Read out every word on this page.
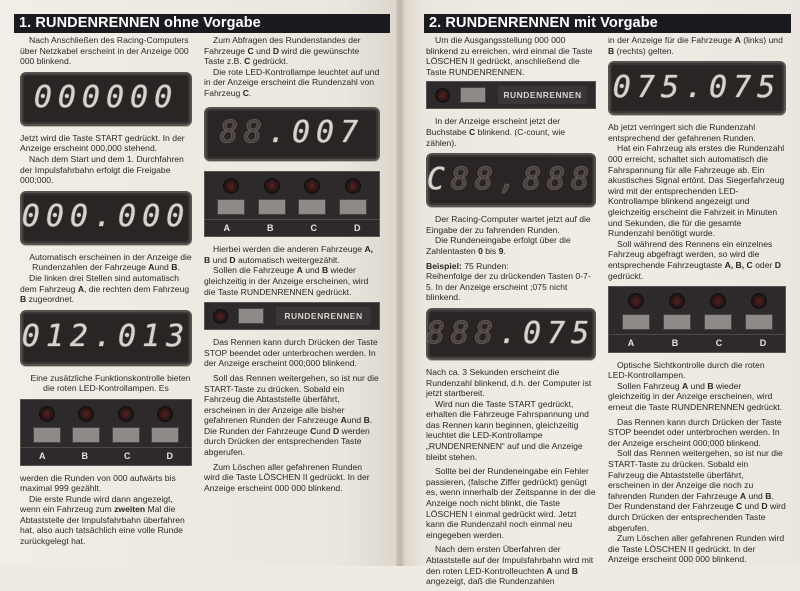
1. RUNDENRENNEN ohne Vorgabe

Nach Anschließen des Racing-Computers über Netzkabel erscheint in der Anzeige 000 000 blinkend.

000000

Jetzt wird die Taste START gedrückt. In der Anzeige erscheint 000,000 stehend.

Nach dem Start und dem 1. Durchfahren der Impulsfahrbahn erfolgt die Freigabe 000;000.

000.000

Automatisch erscheinen in der Anzeige die Rundenzahlen der Fahrzeuge Aund B.

Die linken drei Stellen sind automatisch dem Fahrzeug A, die rechten dem Fahrzeug B zugeordnet.

012.013

Eine zusätzliche Funktionskontrolle bieten die roten LED-Kontrollampen. Es

A	B	C	D

werden die Runden von 000 aufwärts bis maximal 999 gezählt.

Die erste Runde wird dann angezeigt, wenn ein Fahrzeug zum zweiten Mal die Abtaststelle der Impulsfahrbahn überfahren hat, also auch tatsächlich eine volle Runde zurückgelegt hat.

Zum Abfragen des Rundenstandes der Fahrzeuge C und D wird die gewünschte Taste z.B. C gedrückt.

Die rote LED-Kontrollampe leuchtet auf und in der Anzeige erscheint die Rundenzahl von Fahrzeug C.

88.007
A	B	C	D

Hierbei werden die anderen Fahrzeuge A, B und D automatisch weitergezählt.

Sollen die Fahrzeuge A und B wieder gleichzeitig in der Anzeige erscheinen, wird die Taste RUNDENRENNEN gedrückt.

RUNDENRENNEN

Das Rennen kann durch Drücken der Taste STOP beendet oder unterbrochen werden. In der Anzeige erscheint 000;000 blinkend.

Soll das Rennen weitergehen, so ist nur die START-Taste zu drücken. Sobald ein Fahrzeug die Abtaststelle überfährt, erscheinen in der Anzeige alle bisher gefahrenen Runden der Fahrzeuge Aund B. Die Runden der Fahrzeuge Cund D werden durch Drücken der entsprechenden Taste abgerufen.

Zum Löschen aller gefahrenen Runden wird die Taste LÖSCHEN II gedrückt. In der Anzeige erscheint 000 000 blinkend.

2. RUNDENRENNEN mit Vorgabe

Um die Ausgangsstellung 000 000 blinkend zu erreichen, wird einmal die Taste LÖSCHEN II gedrückt, anschließend die Taste RUNDENRENNEN.

RUNDENRENNEN

In der Anzeige erscheint jetzt der Buchstabe C blinkend. (C-count, wie zählen).

C88,888

Der Racing-Computer wartet jetzt auf die Eingabe der zu fahrenden Runden.

Die Rundeneingabe erfolgt über die Zahlentasten 0 bis 9.

Beispiel: 75 Runden:

Reihenfolge der zu drückenden Tasten 0-7-5. In der Anzeige erscheint ;075 nicht blinkend.

888.075

Nach ca. 3 Sekunden erscheint die Rundenzahl blinkend, d.h. der Computer ist jetzt startbereit.

Wird nun die Taste START gedrückt, erhalten die Fahrzeuge Fahrspannung und das Rennen kann beginnen, gleichzeitig leuchtet die LED-Kontrollampe „RUNDENRENNEN“ auf und die Anzeige bleibt stehen.

Sollte bei der Rundeneingabe ein Fehler passieren, (falsche Ziffer gedrückt) genügt es, wenn innerhalb der Zeitspanne in der die Anzeige noch nicht blinkt, die Taste LÖSCHEN I einmal gedrückt wird. Jetzt kann die Rundenzahl noch einmal neu eingegeben werden.

Nach dem ersten Überfahren der Abtaststelle auf der Impulsfahrbahn wird mit den roten LED-Kontrolleuchten A und B angezeigt, daß die Rundenzahlen

in der Anzeige für die Fahrzeuge A (links) und B (rechts) gelten.

075.075

Ab jetzt verringert sich die Rundenzahl entsprechend der gefahrenen Runden.

Hat ein Fahrzeug als erstes die Rundenzahl 000 erreicht, schaltet sich automatisch die Fahrspannung für alle Fahrzeuge ab. Ein akustisches Signal ertönt. Das Siegerfahrzeug wird mit der entsprechenden LED-Kontrollampe blinkend angezeigt und gleichzeitig erscheint die Fahrzeit in Minuten und Sekunden, die für die gesamte Rundenzahl benötigt wurde.

Soll während des Rennens ein einzelnes Fahrzeug abgefragt werden, so wird die entsprechende Fahrzeugtaste A, B, C oder D gedrückt.

A	B	C	D

Optische Sichtkontrolle durch die roten LED-Kontrollampen.

Sollen Fahrzeug A und B wieder gleichzeitig in der Anzeige erscheinen, wird erneut die Taste RUNDENRENNEN gedrückt.

Das Rennen kann durch Drücken der Taste STOP beendet oder unterbrochen werden. In der Anzeige erscheint 000;000 blinkend.

Soll das Rennen weitergehen, so ist nur die START-Taste zu drücken. Sobald ein Fahrzeug die Abtaststelle überfährt, erscheinen in der Anzeige die noch zu fahrenden Runden der Fahrzeuge A und B. Der Rundenstand der Fahrzeuge C und D wird durch Drücken der entsprechenden Taste abgerufen.

Zum Löschen aller gefahrenen Runden wird die Taste LÖSCHEN II gedrückt. In der Anzeige erscheint 000 000 blinkend.
